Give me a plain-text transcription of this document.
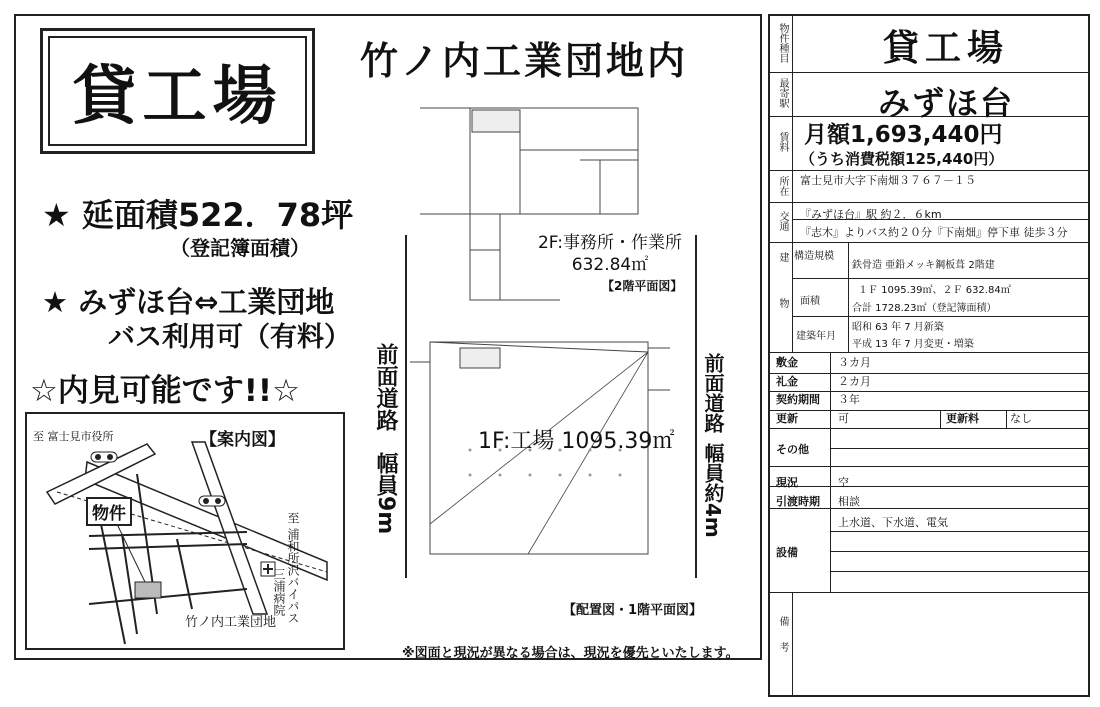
貸工場	竹ノ内工業団地内
★ 延面積522．78坪
（登記簿面積）
★ みずほ台⇔工業団地
バス利用可（有料）
☆内見可能です!!☆
【案内図】
至 富士見市役所
至 浦和所沢バイパス
三浦病院
物件
竹ノ内工業団地
2F:事務所・作業所
632.84㎡
【2階平面図】
1F:工場 1095.39㎡
【配置図・1階平面図】
前面道路
幅員9m
前面道路
幅員約4m
※図面と現況が異なる場合は、現況を優先といたします。
物件種目	貸工場
最寄駅	みずほ台
賃料 月額1,693,440円
（うち消費税額125,440円）
所在 富士見市大字下南畑３７６７－１５
交通 『みずほ台』駅 約２．６km
『志木』よりバス約２０分『下南畑』停下車 徒歩３分
建物 構造規模
鉄骨造 亜鉛メッキ鋼板葺 2階建
面積
１Ｆ 1095.39㎡、２Ｆ 632.84㎡
合計 1728.23㎡（登記簿面積）
建築年月
昭和 63 年 7 月新築
平成 13 年 7 月変更・増築
敷金	３カ月
礼金	２カ月
契約期間 ３年
更新	可	更新料	なし
その他
現況	空
引渡時期 相談
設備
上水道、下水道、電気
備考
